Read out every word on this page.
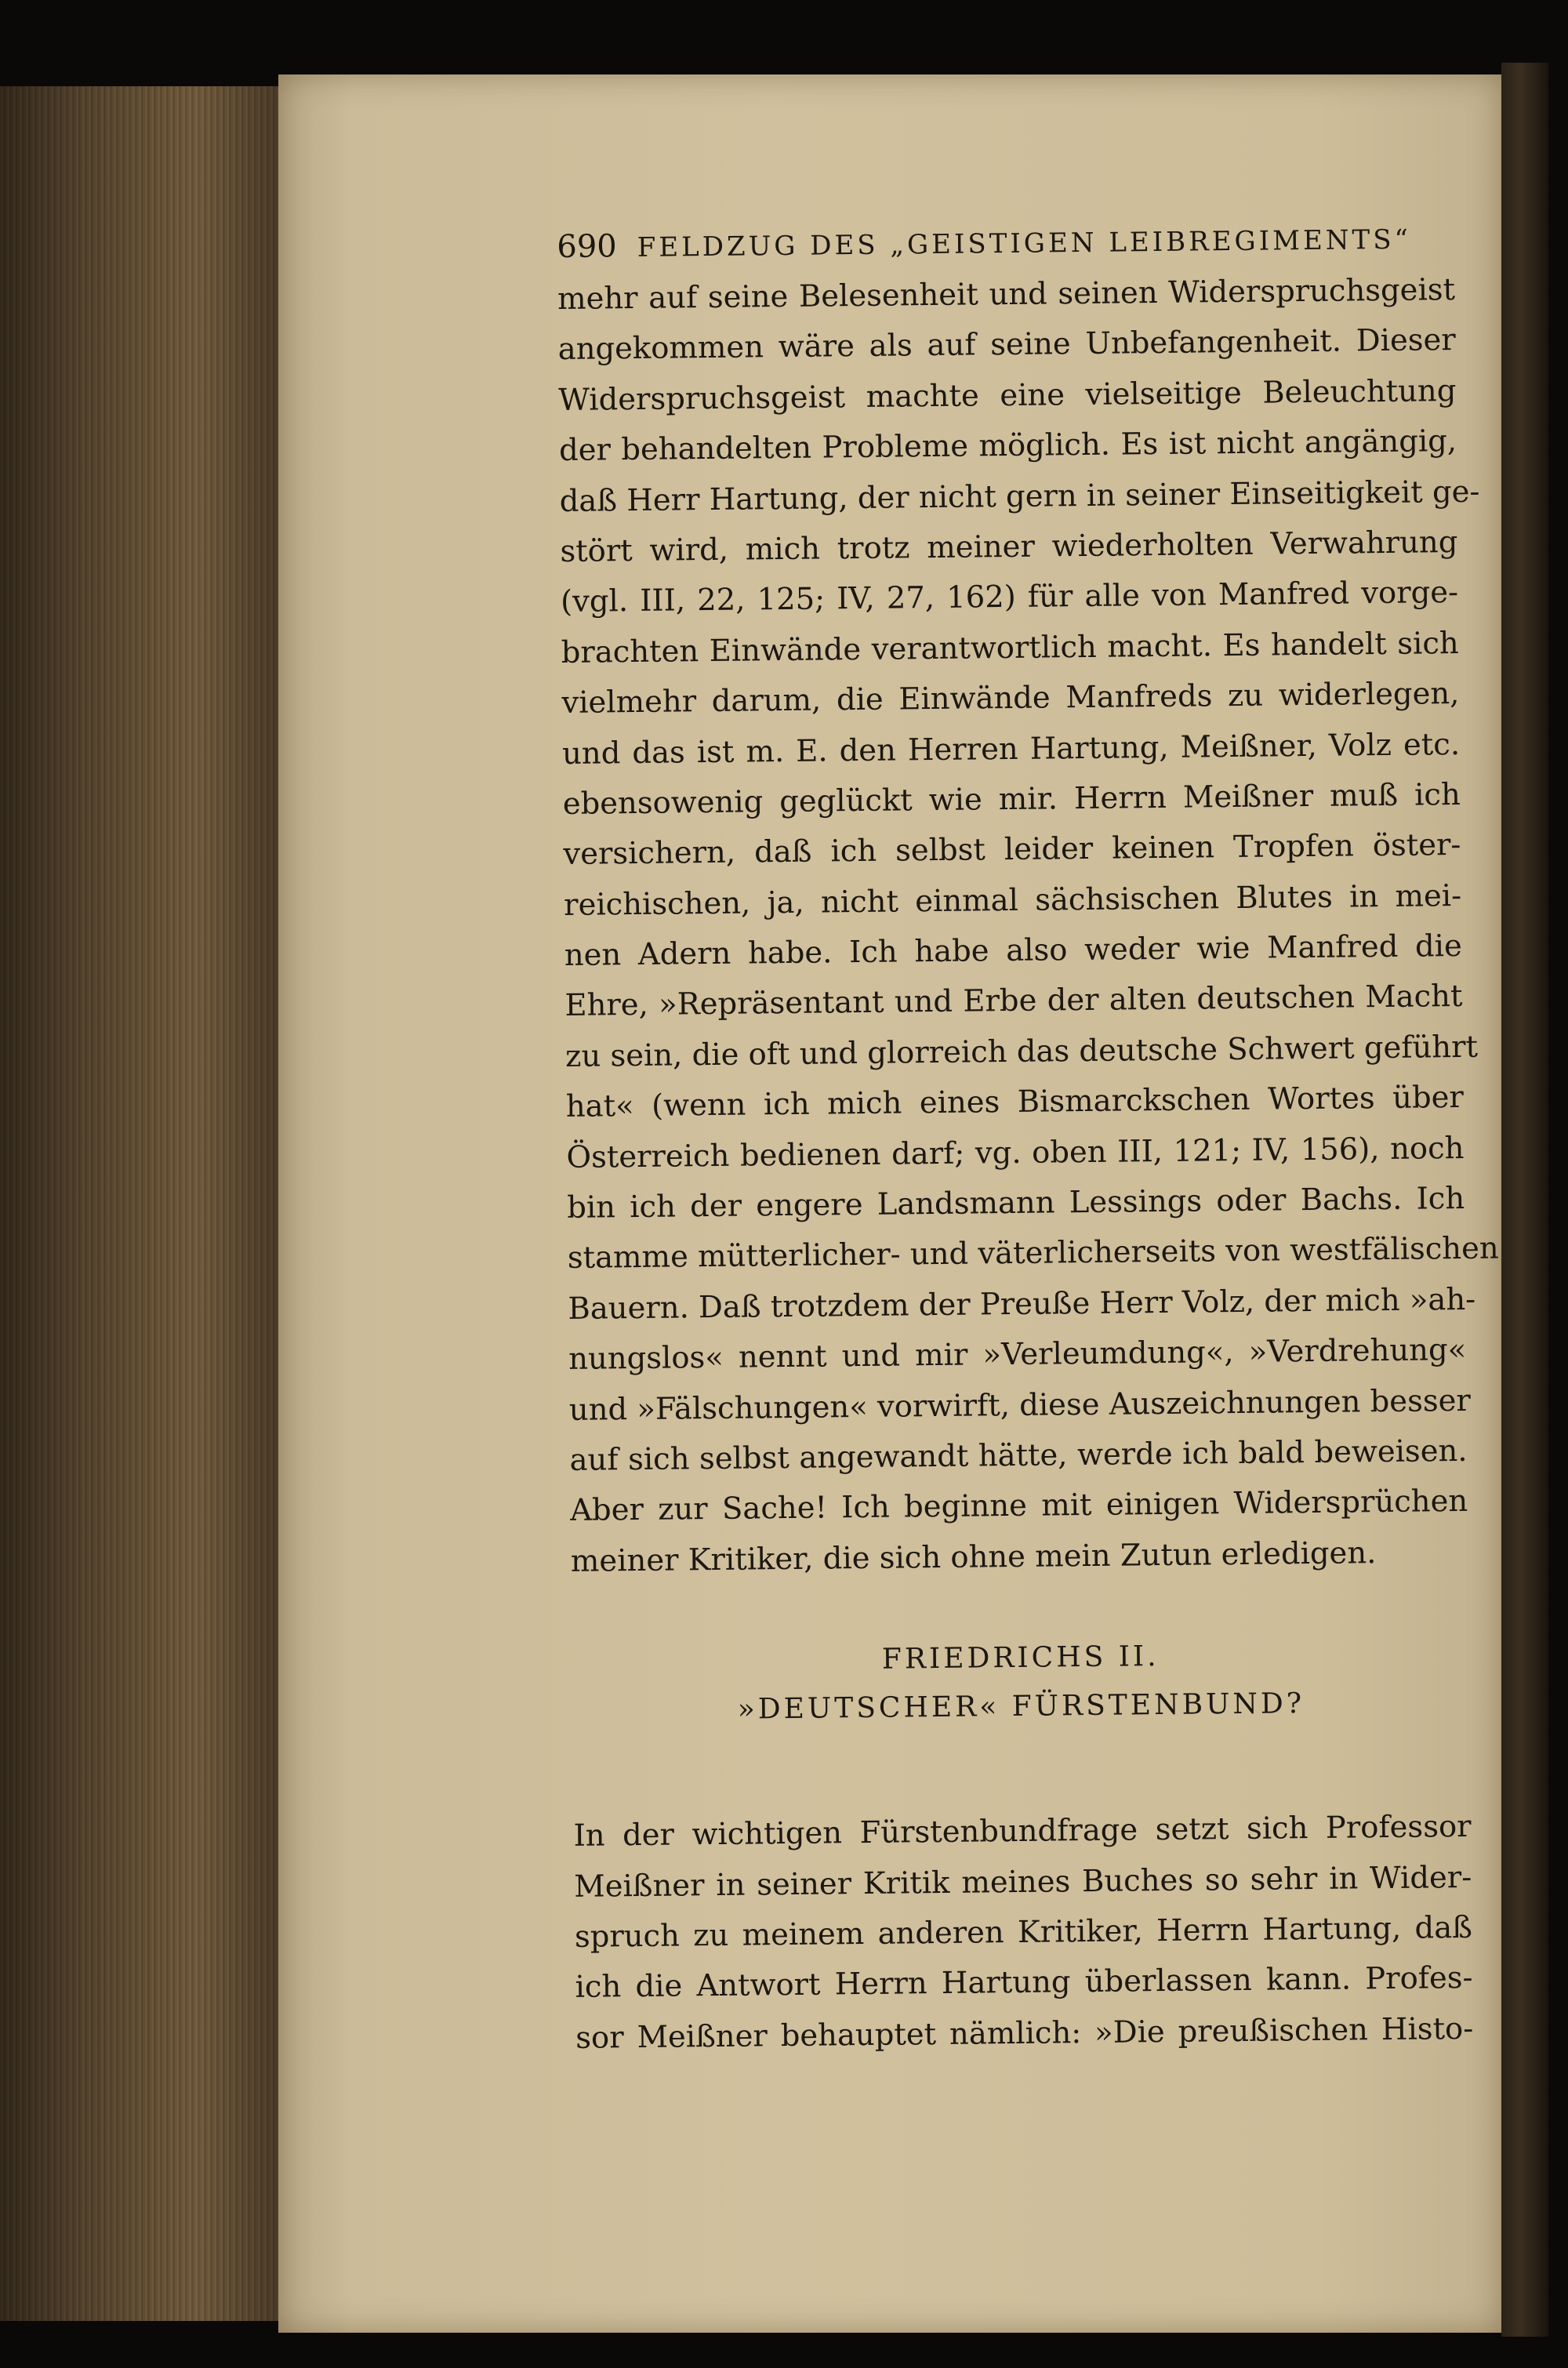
690 FELDZUG DES „GEISTIGEN LEIBREGIMENTS“
mehr auf seine Belesenheit und seinen Widerspruchsgeist
angekommen wäre als auf seine Unbefangenheit. Dieser
Widerspruchsgeist machte eine vielseitige Beleuchtung
der behandelten Probleme möglich. Es ist nicht angängig,
daß Herr Hartung, der nicht gern in seiner Einseitigkeit ge-
stört wird, mich trotz meiner wiederholten Verwahrung
(vgl. III, 22, 125; IV, 27, 162) für alle von Manfred vorge-
brachten Einwände verantwortlich macht. Es handelt sich
vielmehr darum, die Einwände Manfreds zu widerlegen,
und das ist m. E. den Herren Hartung, Meißner, Volz etc.
ebensowenig geglückt wie mir. Herrn Meißner muß ich
versichern, daß ich selbst leider keinen Tropfen öster-
reichischen, ja, nicht einmal sächsischen Blutes in mei-
nen Adern habe. Ich habe also weder wie Manfred die
Ehre, »Repräsentant und Erbe der alten deutschen Macht
zu sein, die oft und glorreich das deutsche Schwert geführt
hat« (wenn ich mich eines Bismarckschen Wortes über
Österreich bedienen darf; vg. oben III, 121; IV, 156), noch
bin ich der engere Landsmann Lessings oder Bachs. Ich
stamme mütterlicher- und väterlicherseits von westfälischen
Bauern. Daß trotzdem der Preuße Herr Volz, der mich »ah-
nungslos« nennt und mir »Verleumdung«, »Verdrehung«
und »Fälschungen« vorwirft, diese Auszeichnungen besser
auf sich selbst angewandt hätte, werde ich bald beweisen.
Aber zur Sache! Ich beginne mit einigen Widersprüchen
meiner Kritiker, die sich ohne mein Zutun erledigen.
FRIEDRICHS II.
»DEUTSCHER« FÜRSTENBUND?
In der wichtigen Fürstenbundfrage setzt sich Professor
Meißner in seiner Kritik meines Buches so sehr in Wider-
spruch zu meinem anderen Kritiker, Herrn Hartung, daß
ich die Antwort Herrn Hartung überlassen kann. Profes-
sor Meißner behauptet nämlich: »Die preußischen Histo-
